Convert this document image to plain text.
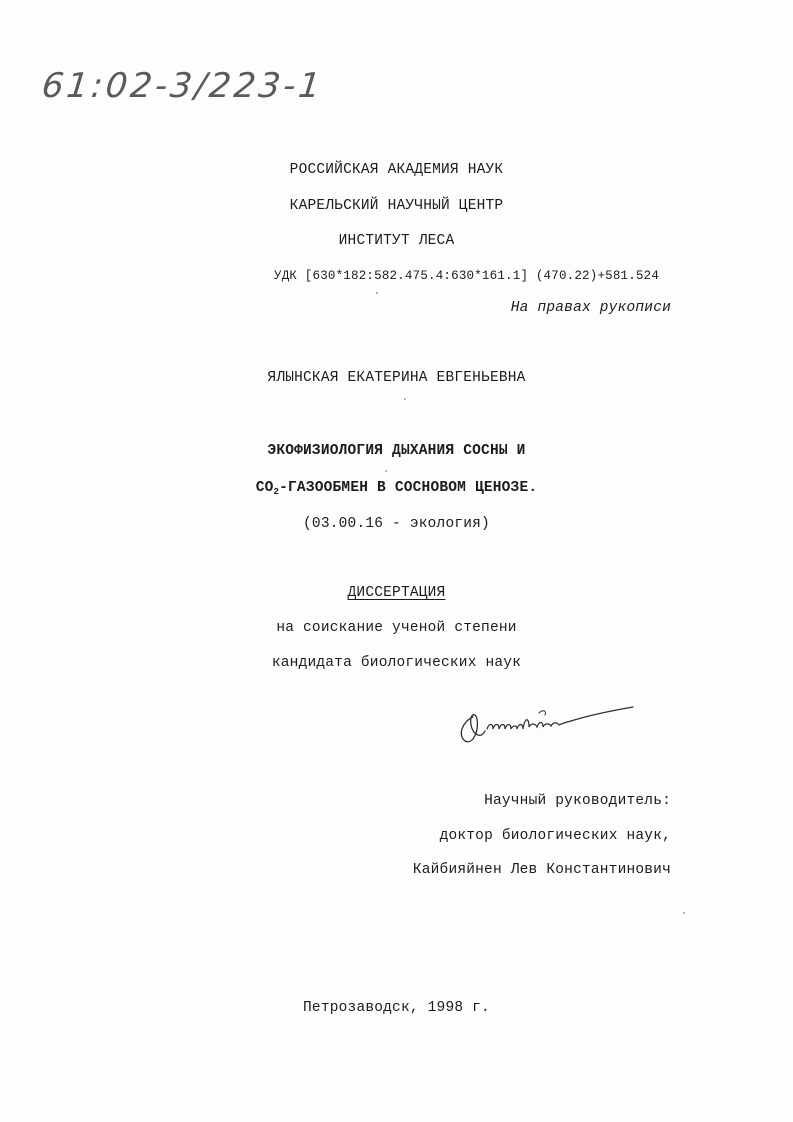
61:02-3/223-1
РОССИЙСКАЯ АКАДЕМИЯ НАУК
КАРЕЛЬСКИЙ НАУЧНЫЙ ЦЕНТР
ИНСТИТУТ ЛЕСА
УДК [630*182:582.475.4:630*161.1] (470.22)+581.524
На правах рукописи
ЯЛЫНСКАЯ ЕКАТЕРИНА ЕВГЕНЬЕВНА
ЭКОФИЗИОЛОГИЯ ДЫХАНИЯ СОСНЫ И
$CO_2$-ГАЗООБМЕН В СОСНОВОМ ЦЕНОЗЕ.
(03.00.16 - экология)
ДИССЕРТАЦИЯ
на соискание ученой степени
кандидата биологических наук
Научный руководитель:
доктор биологических наук,
Кайбияйнен Лев Константинович
Петрозаводск, 1998 г.
